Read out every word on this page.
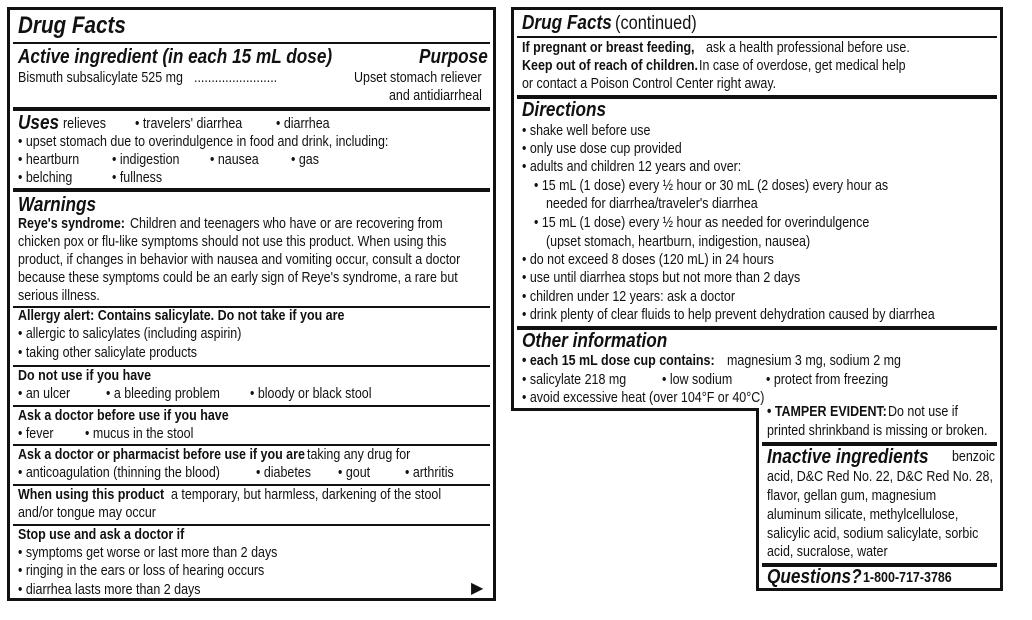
Drug Facts
Active ingredient (in each 15 mL dose)	Purpose
Bismuth subsalicylate 525 mg ........................	Upset stomach reliever
and antidiarrheal
Uses relieves • travelers' diarrhea • diarrhea
• upset stomach due to overindulgence in food and drink, including:
• heartburn • indigestion • nausea • gas
• belching	• fullness
Warnings
Reye's syndrome: Children and teenagers who have or are recovering from
chicken pox or flu-like symptoms should not use this product. When using this
product, if changes in behavior with nausea and vomiting occur, consult a doctor
because these symptoms could be an early sign of Reye's syndrome, a rare but
serious illness.
Allergy alert: Contains salicylate. Do not take if you are
• allergic to salicylates (including aspirin)
• taking other salicylate products
Do not use if you have
• an ulcer • a bleeding problem • bloody or black stool
Ask a doctor before use if you have
• fever • mucus in the stool
Ask a doctor or pharmacist before use if you are taking any drug for
• anticoagulation (thinning the blood) • diabetes • gout • arthritis
When using this product a temporary, but harmless, darkening of the stool
and/or tongue may occur
Stop use and ask a doctor if
• symptoms get worse or last more than 2 days
• ringing in the ears or loss of hearing occurs
• diarrhea lasts more than 2 days	▶
Drug Facts (continued)
If pregnant or breast feeding, ask a health professional before use.
Keep out of reach of children. In case of overdose, get medical help
or contact a Poison Control Center right away.
Directions
• shake well before use
• only use dose cup provided
• adults and children 12 years and over:
• 15 mL (1 dose) every ½ hour or 30 mL (2 doses) every hour as
needed for diarrhea/traveler's diarrhea
• 15 mL (1 dose) every ½ hour as needed for overindulgence
(upset stomach, heartburn, indigestion, nausea)
• do not exceed 8 doses (120 mL) in 24 hours
• use until diarrhea stops but not more than 2 days
• children under 12 years: ask a doctor
• drink plenty of clear fluids to help prevent dehydration caused by diarrhea
Other information
• each 15 mL dose cup contains: magnesium 3 mg, sodium 2 mg
• salicylate 218 mg • low sodium • protect from freezing
• avoid excessive heat (over 104°F or 40°C)
• TAMPER EVIDENT: Do not use if
printed shrinkband is missing or broken.
Inactive ingredients benzoic
acid, D&C Red No. 22, D&C Red No. 28,
flavor, gellan gum, magnesium
aluminum silicate, methylcellulose,
salicylic acid, sodium salicylate, sorbic
acid, sucralose, water
Questions? 1-800-717-3786
